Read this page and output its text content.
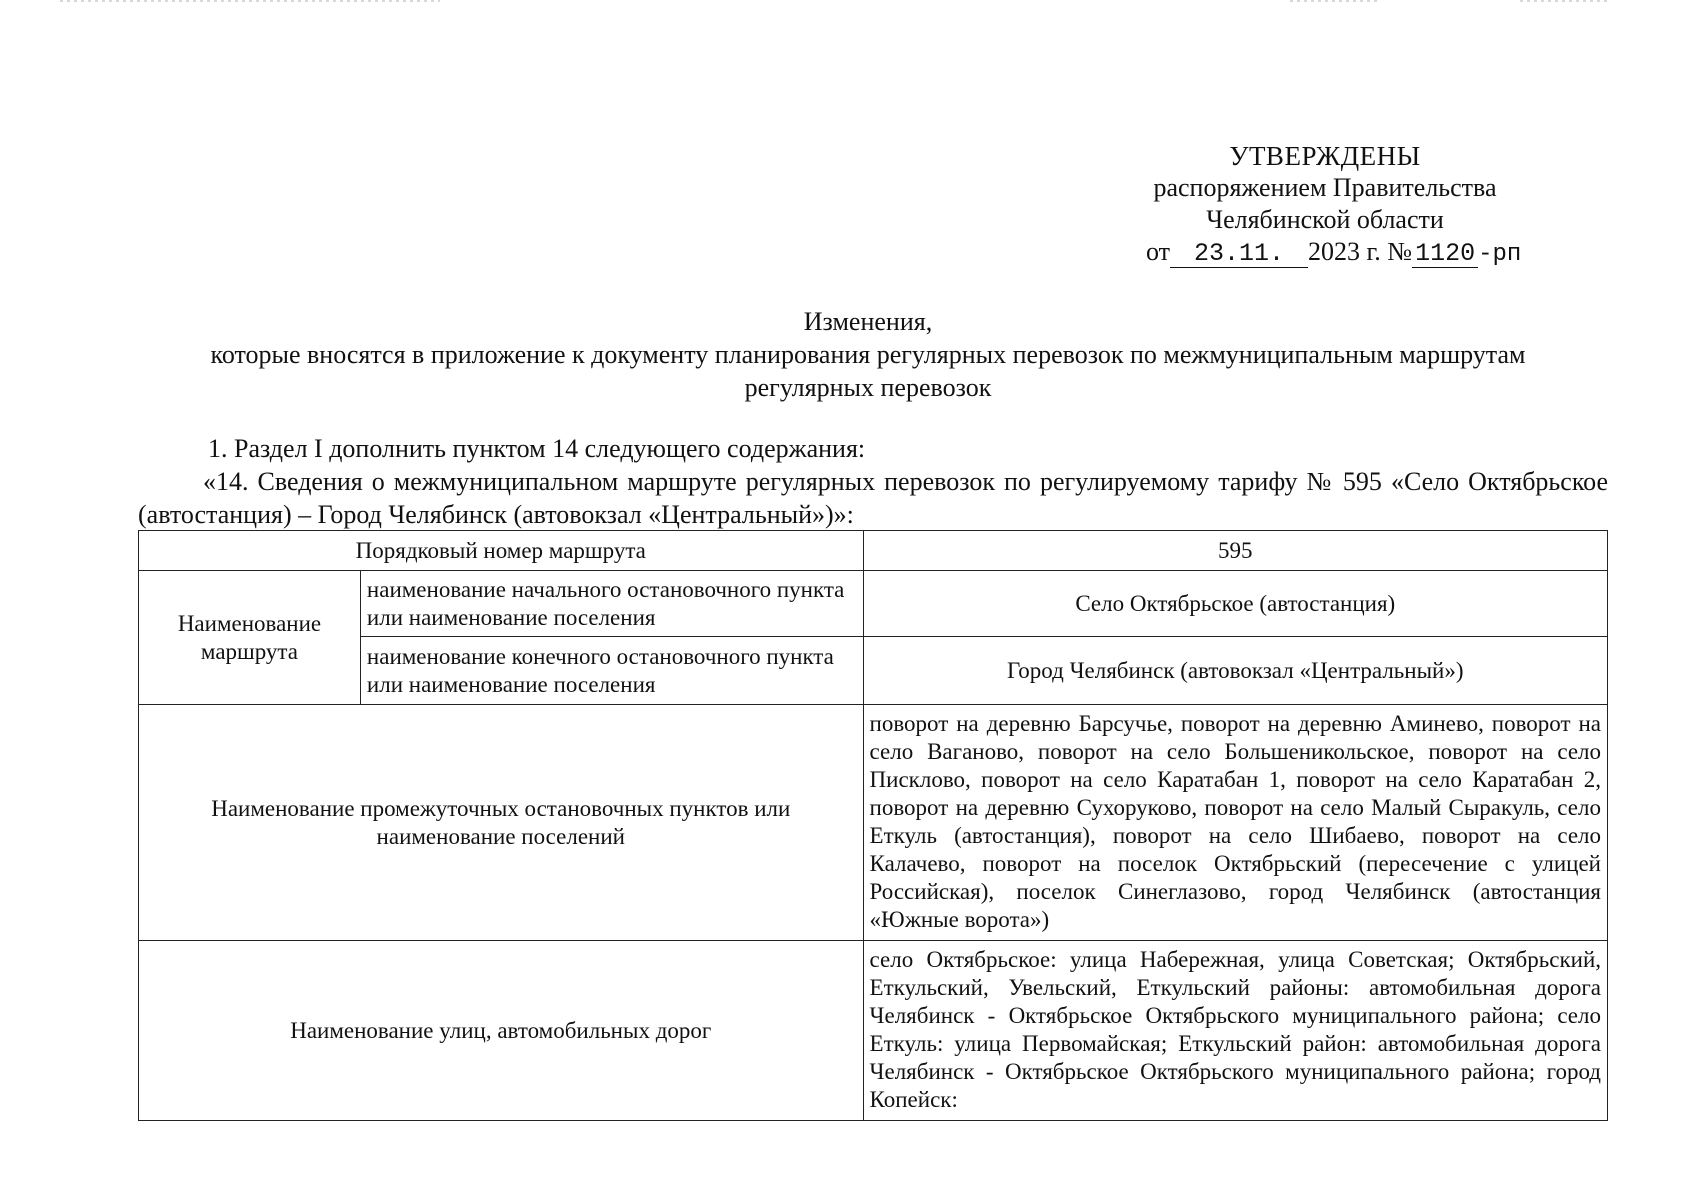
УТВЕРЖДЕНЫ
распоряжением Правительства
Челябинской области
от 23.11. 2023 г. № 1120 -рп
Изменения,
которые вносятся в приложение к документу планирования регулярных перевозок по межмуниципальным маршрутам
регулярных перевозок
1. Раздел I дополнить пунктом 14 следующего содержания:
«14. Сведения о межмуниципальном маршруте регулярных перевозок по регулируемому тарифу № 595 «Село Октябрьское (автостанция) – Город Челябинск (автовокзал «Центральный»)»:
Порядковый номер маршрута		595
Наименование маршрута	наименование начального остановочного пункта или наименование поселения	Село Октябрьское (автостанция)
	наименование конечного остановочного пункта или наименование поселения	Город Челябинск (автовокзал «Центральный»)
Наименование промежуточных остановочных пунктов или наименование поселений		поворот на деревню Барсучье, поворот на деревню Аминево, поворот на село Ваганово, поворот на село Большеникольское, поворот на село Писклово, поворот на село Каратабан 1, поворот на село Каратабан 2, поворот на деревню Сухоруково, поворот на село Малый Сыракуль, село Еткуль (автостанция), поворот на село Шибаево, поворот на село Калачево, поворот на поселок Октябрьский (пересечение с улицей Российская), поселок Синеглазово, город Челябинск (автостанция «Южные ворота»)
Наименование улиц, автомобильных дорог		село Октябрьское: улица Набережная, улица Советская; Октябрьский, Еткульский, Увельский, Еткульский районы: автомобильная дорога Челябинск - Октябрьское Октябрьского муниципального района; село Еткуль: улица Первомайская; Еткульский район: автомобильная дорога Челябинск - Октябрьское Октябрьского муниципального района; город Копейск:
